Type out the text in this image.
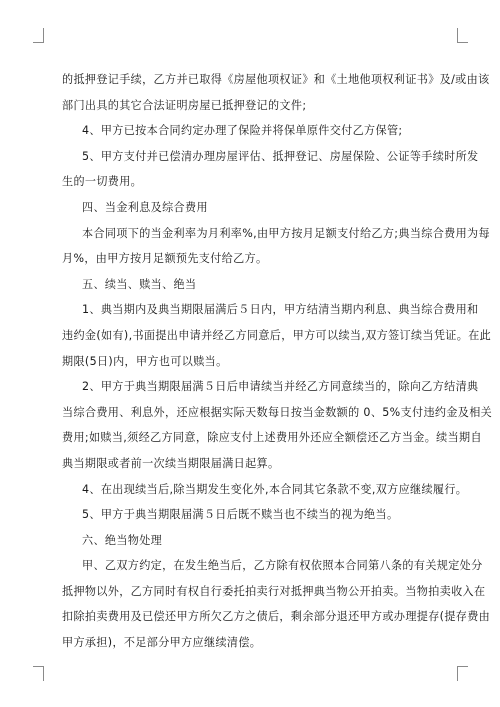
的抵押登记手续，乙方并已取得《房屋他项权证》和《土地他项权利证书》及/或由该

部门出具的其它合法证明房屋已抵押登记的文件;

4、甲方已按本合同约定办理了保险并将保单原件交付乙方保管;

5、甲方支付并已偿清办理房屋评估、抵押登记、房屋保险、公证等手续时所发

生的一切费用。

四、当金利息及综合费用

本合同项下的当金利率为月利率%,由甲方按月足额支付给乙方;典当综合费用为每

月%，由甲方按月足额预先支付给乙方。

五、续当、赎当、绝当

1、典当期内及典当期限届满后５日内，甲方结清当期内利息、典当综合费用和

违约金(如有),书面提出申请并经乙方同意后，甲方可以续当,双方签订续当凭证。在此

期限(5日)内，甲方也可以赎当。

2、甲方于典当期限届满５日后申请续当并经乙方同意续当的，除向乙方结清典

当综合费用、利息外，还应根据实际天数每日按当金数额的 0、5%支付违约金及相关

费用;如赎当,须经乙方同意，除应支付上述费用外还应全额偿还乙方当金。续当期自

典当期限或者前一次续当期限届满日起算。

4、在出现续当后,除当期发生变化外,本合同其它条款不变,双方应继续履行。

5、甲方于典当期限届满５日后既不赎当也不续当的视为绝当。

六、绝当物处理

甲、乙双方约定，在发生绝当后，乙方除有权依照本合同第八条的有关规定处分

抵押物以外，乙方同时有权自行委托拍卖行对抵押典当物公开拍卖。当物拍卖收入在

扣除拍卖费用及已偿还甲方所欠乙方之债后，剩余部分退还甲方或办理提存(提存费由

甲方承担)，不足部分甲方应继续清偿。
